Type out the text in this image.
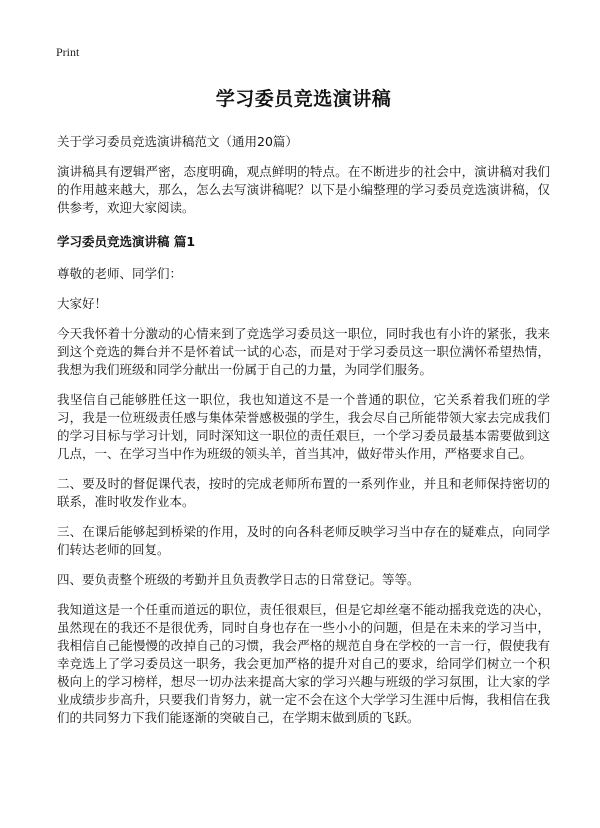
Print
学习委员竞选演讲稿
关于学习委员竞选演讲稿范文（通用20篇）

演讲稿具有逻辑严密，态度明确，观点鲜明的特点。在不断进步的社会中，演讲稿对我们的作用越来越大，那么，怎么去写演讲稿呢？以下是小编整理的学习委员竞选演讲稿，仅供参考，欢迎大家阅读。

学习委员竞选演讲稿 篇1

尊敬的老师、同学们：

大家好！

今天我怀着十分激动的心情来到了竞选学习委员这一职位，同时我也有小许的紧张，我来到这个竞选的舞台并不是怀着试一试的心态，而是对于学习委员这一职位满怀希望热情，我想为我们班级和同学分献出一份属于自己的力量，为同学们服务。

我坚信自己能够胜任这一职位，我也知道这不是一个普通的职位，它关系着我们班的学习，我是一位班级责任感与集体荣誉感极强的学生，我会尽自己所能带领大家去完成我们的学习目标与学习计划，同时深知这一职位的责任艰巨，一个学习委员最基本需要做到这几点，一、在学习当中作为班级的领头羊，首当其冲，做好带头作用，严格要求自己。

二、要及时的督促课代表，按时的完成老师所布置的一系列作业，并且和老师保持密切的联系，准时收发作业本。

三、在课后能够起到桥梁的作用，及时的向各科老师反映学习当中存在的疑难点，向同学们转达老师的回复。

四、要负责整个班级的考勤并且负责教学日志的日常登记。等等。

我知道这是一个任重而道远的职位，责任很艰巨，但是它却丝毫不能动摇我竞选的决心，虽然现在的我还不是很优秀，同时自身也存在一些小小的问题，但是在未来的学习当中，我相信自己能慢慢的改掉自己的习惯，我会严格的规范自身在学校的一言一行，假使我有幸竞选上了学习委员这一职务，我会更加严格的提升对自己的要求，给同学们树立一个积极向上的学习榜样，想尽一切办法来提高大家的学习兴趣与班级的学习氛围，让大家的学业成绩步步高升，只要我们肯努力，就一定不会在这个大学学习生涯中后悔，我相信在我们的共同努力下我们能逐渐的突破自己，在学期末做到质的飞跃。
